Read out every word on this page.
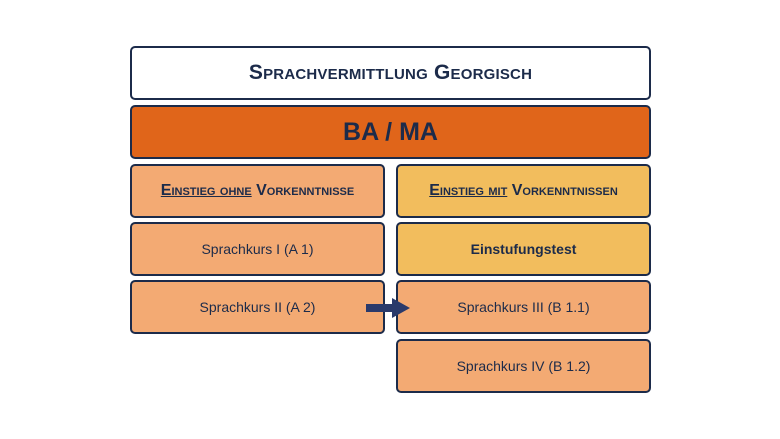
Sprachvermittlung Georgisch
BA / MA
Einstieg ohne Vorkenntnisse
Sprachkurs I (A 1)
Sprachkurs II (A 2)
Einstieg mit Vorkenntnissen
Einstufungstest
Sprachkurs III (B 1.1)
Sprachkurs IV (B 1.2)
